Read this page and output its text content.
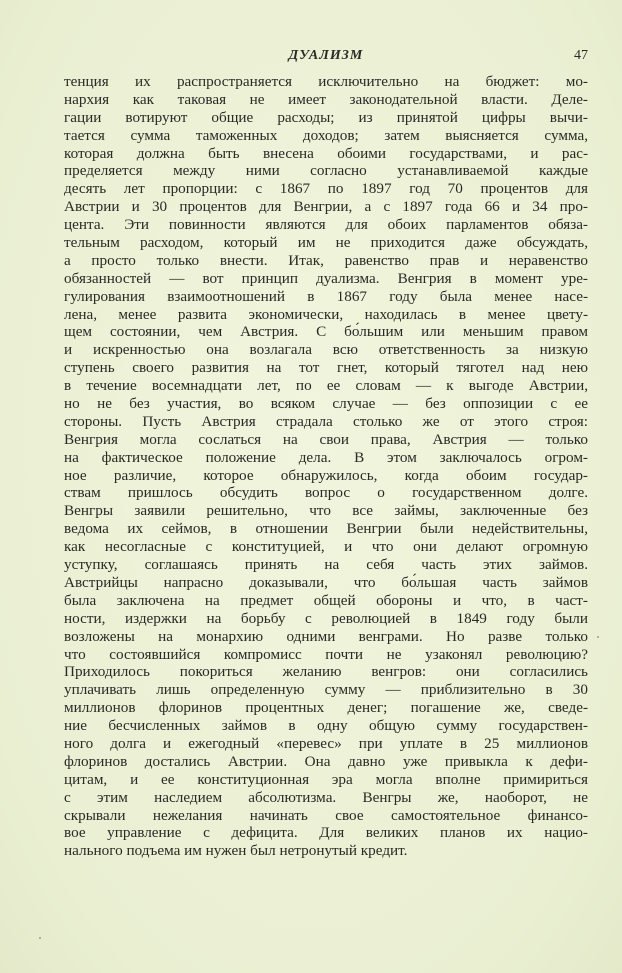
ДУАЛИЗМ	47
тенция их распространяется исключительно на бюджет: мо-
нархия как таковая не имеет законодательной власти. Деле-
гации вотируют общие расходы; из принятой цифры вычи-
тается сумма таможенных доходов; затем выясняется сумма,
которая должна быть внесена обоими государствами, и рас-
пределяется между ними согласно устанавливаемой каждые
десять лет пропорции: с 1867 по 1897 год 70 процентов для
Австрии и 30 процентов для Венгрии, а с 1897 года 66 и 34 про-
цента. Эти повинности являются для обоих парламентов обяза-
тельным расходом, который им не приходится даже обсуждать,
а просто только внести. Итак, равенство прав и неравенство
обязанностей — вот принцип дуализма. Венгрия в момент уре-
гулирования взаимоотношений в 1867 году была менее насе-
лена, менее развита экономически, находилась в менее цвету-
щем состоянии, чем Австрия. С бо́льшим или меньшим правом
и искренностью она возлагала всю ответственность за низкую
ступень своего развития на тот гнет, который тяготел над нею
в течение восемнадцати лет, по ее словам — к выгоде Австрии,
но не без участия, во всяком случае — без оппозиции с ее
стороны. Пусть Австрия страдала столько же от этого строя:
Венгрия могла сослаться на свои права, Австрия — только
на фактическое положение дела. В этом заключалось огром-
ное различие, которое обнаружилось, когда обоим государ-
ствам пришлось обсудить вопрос о государственном долге.
Венгры заявили решительно, что все займы, заключенные без
ведома их сеймов, в отношении Венгрии были недействительны,
как несогласные с конституцией, и что они делают огромную
уступку, соглашаясь принять на себя часть этих займов.
Австрийцы напрасно доказывали, что бо́льшая часть займов
была заключена на предмет общей обороны и что, в част-
ности, издержки на борьбу с революцией в 1849 году были
возложены на монархию одними венграми. Но разве только
что состоявшийся компромисс почти не узаконял революцию?
Приходилось покориться желанию венгров: они согласились
уплачивать лишь определенную сумму — приблизительно в 30
миллионов флоринов процентных денег; погашение же, сведе-
ние бесчисленных займов в одну общую сумму государствен-
ного долга и ежегодный «перевес» при уплате в 25 миллионов
флоринов достались Австрии. Она давно уже привыкла к дефи-
цитам, и ее конституционная эра могла вполне примириться
с этим наследием абсолютизма. Венгры же, наоборот, не
скрывали нежелания начинать свое самостоятельное финансо-
вое управление с дефицита. Для великих планов их нацио-
нального подъема им нужен был нетронутый кредит.
